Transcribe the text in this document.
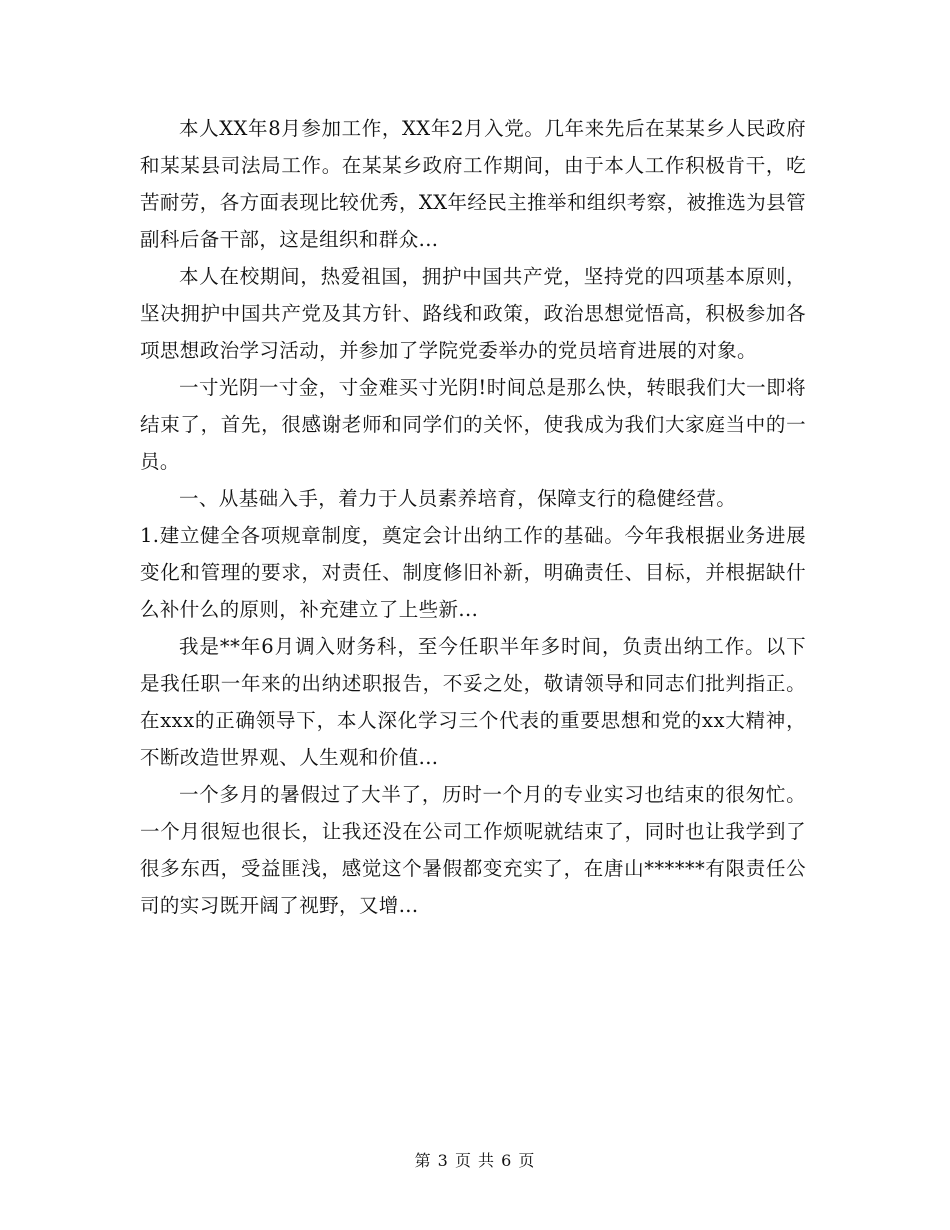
本人XX年8月参加工作，XX年2月入党。几年来先后在某某乡人民政府和某某县司法局工作。在某某乡政府工作期间，由于本人工作积极肯干，吃苦耐劳，各方面表现比较优秀，XX年经民主推举和组织考察，被推选为县管副科后备干部，这是组织和群众...

本人在校期间，热爱祖国，拥护中国共产党，坚持党的四项基本原则，坚决拥护中国共产党及其方针、路线和政策，政治思想觉悟高，积极参加各项思想政治学习活动，并参加了学院党委举办的党员培育进展的对象。

一寸光阴一寸金，寸金难买寸光阴!时间总是那么快，转眼我们大一即将结束了，首先，很感谢老师和同学们的关怀，使我成为我们大家庭当中的一员。

一、从基础入手，着力于人员素养培育，保障支行的稳健经营。

1.建立健全各项规章制度，奠定会计出纳工作的基础。今年我根据业务进展变化和管理的要求，对责任、制度修旧补新，明确责任、目标，并根据缺什么补什么的原则，补充建立了上些新...

我是**年6月调入财务科，至今任职半年多时间，负责出纳工作。以下是我任职一年来的出纳述职报告，不妥之处，敬请领导和同志们批判指正。在xxx的正确领导下，本人深化学习三个代表的重要思想和党的xx大精神，不断改造世界观、人生观和价值...

一个多月的暑假过了大半了，历时一个月的专业实习也结束的很匆忙。一个月很短也很长，让我还没在公司工作烦呢就结束了，同时也让我学到了很多东西，受益匪浅，感觉这个暑假都变充实了，在唐山******有限责任公司的实习既开阔了视野，又增...

第 3 页 共 6 页
